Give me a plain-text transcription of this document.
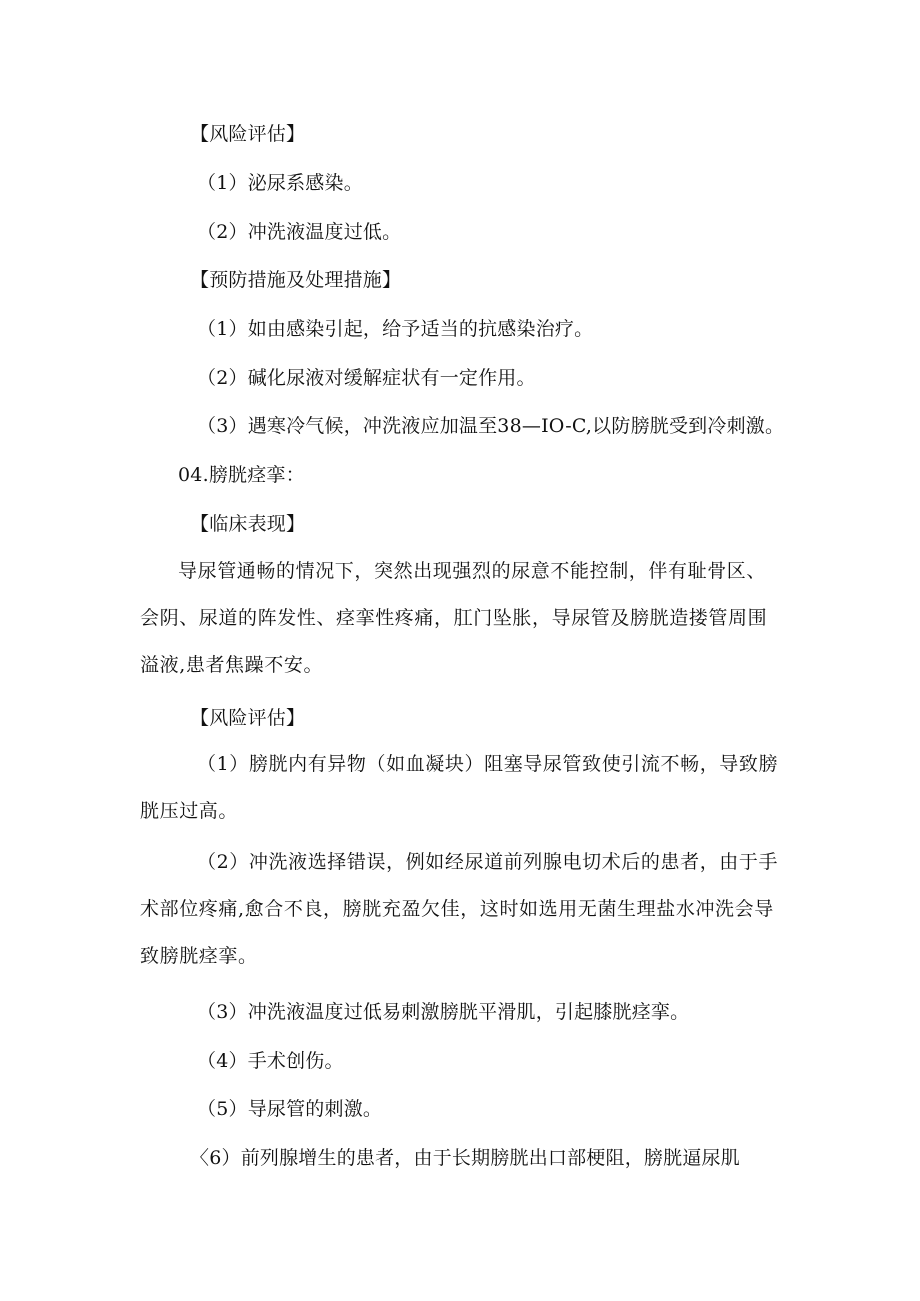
【风险评估】
（1）泌尿系感染。
（2）冲洗液温度过低。
【预防措施及处理措施】
（1）如由感染引起，给予适当的抗感染治疗。
（2）碱化尿液对缓解症状有一定作用。
（3）遇寒冷气候，冲洗液应加温至38—IO-C,以防膀胱受到冷刺激。
04.膀胱痉挛：
【临床表现】
导尿管通畅的情况下，突然出现强烈的尿意不能控制，伴有耻骨区、会阴、尿道的阵发性、痉挛性疼痛，肛门坠胀，导尿管及膀胱造搂管周围溢液,患者焦躁不安。
【风险评估】
（1）膀胱内有异物（如血凝块）阻塞导尿管致使引流不畅，导致膀胱压过高。
（2）冲洗液选择错误，例如经尿道前列腺电切术后的患者，由于手术部位疼痛,愈合不良，膀胱充盈欠佳，这时如选用无菌生理盐水冲洗会导致膀胱痉挛。
（3）冲洗液温度过低易刺激膀胱平滑肌，引起膝胱痉挛。
（4）手术创伤。
（5）导尿管的刺激。
〈6）前列腺增生的患者，由于长期膀胱出口部梗阻，膀胱逼尿肌
